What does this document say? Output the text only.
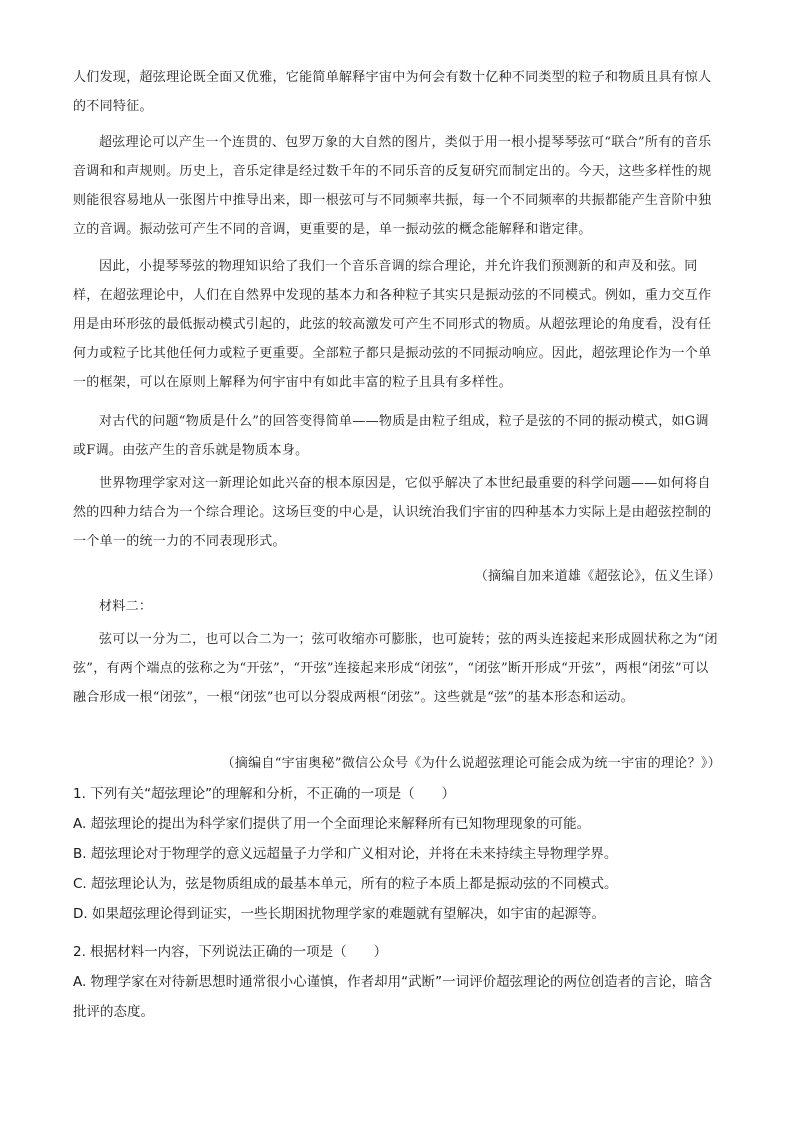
人们发现，超弦理论既全面又优雅，它能简单解释宇宙中为何会有数十亿种不同类型的粒子和物质且具有惊人的不同特征。

超弦理论可以产生一个连贯的、包罗万象的大自然的图片，类似于用一根小提琴琴弦可“联合”所有的音乐音调和和声规则。历史上，音乐定律是经过数千年的不同乐音的反复研究而制定出的。今天，这些多样性的规则能很容易地从一张图片中推导出来，即一根弦可与不同频率共振，每一个不同频率的共振都能产生音阶中独立的音调。振动弦可产生不同的音调，更重要的是，单一振动弦的概念能解释和谐定律。

因此，小提琴琴弦的物理知识给了我们一个音乐音调的综合理论，并允许我们预测新的和声及和弦。同样，在超弦理论中，人们在自然界中发现的基本力和各种粒子其实只是振动弦的不同模式。例如，重力交互作用是由环形弦的最低振动模式引起的，此弦的较高激发可产生不同形式的物质。从超弦理论的角度看，没有任何力或粒子比其他任何力或粒子更重要。全部粒子都只是振动弦的不同振动响应。因此，超弦理论作为一个单一的框架，可以在原则上解释为何宇宙中有如此丰富的粒子且具有多样性。

对古代的问题“物质是什么”的回答变得简单——物质是由粒子组成，粒子是弦的不同的振动模式，如G调或F调。由弦产生的音乐就是物质本身。

世界物理学家对这一新理论如此兴奋的根本原因是，它似乎解决了本世纪最重要的科学问题——如何将自然的四种力结合为一个综合理论。这场巨变的中心是，认识统治我们宇宙的四种基本力实际上是由超弦控制的一个单一的统一力的不同表现形式。

（摘编自加来道雄《超弦论》，伍义生译）

材料二：

弦可以一分为二，也可以合二为一；弦可收缩亦可膨胀，也可旋转；弦的两头连接起来形成圆状称之为“闭弦”，有两个端点的弦称之为“开弦”，“开弦”连接起来形成“闭弦”，“闭弦”断开形成“开弦”，两根“闭弦”可以融合形成一根“闭弦”，一根“闭弦”也可以分裂成两根“闭弦”。这些就是“弦”的基本形态和运动。

（摘编自“宇宙奥秘”微信公众号《为什么说超弦理论可能会成为统一宇宙的理论？》）

1. 下列有关“超弦理论”的理解和分析，不正确的一项是（　　）

A. 超弦理论的提出为科学家们提供了用一个全面理论来解释所有已知物理现象的可能。

B. 超弦理论对于物理学的意义远超量子力学和广义相对论，并将在未来持续主导物理学界。

C. 超弦理论认为，弦是物质组成的最基本单元，所有的粒子本质上都是振动弦的不同模式。

D. 如果超弦理论得到证实，一些长期困扰物理学家的难题就有望解决，如宇宙的起源等。

2. 根据材料一内容，下列说法正确的一项是（　　）

A. 物理学家在对待新思想时通常很小心谨慎，作者却用“武断”一词评价超弦理论的两位创造者的言论，暗含批评的态度。
